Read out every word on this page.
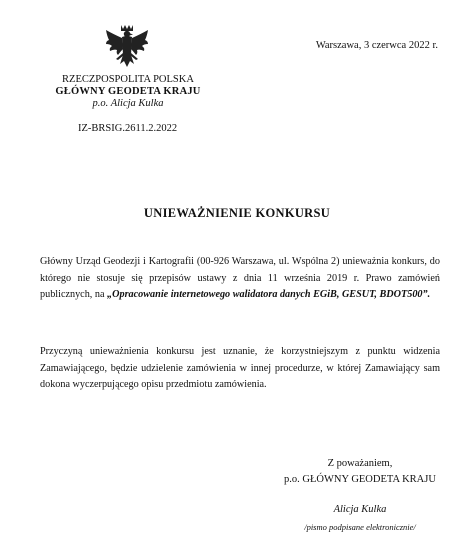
Warszawa, 3 czerwca 2022 r.
RZECZPOSPOLITA POLSKA
GŁÓWNY GEODETA KRAJU
p.o. Alicja Kulka
IZ-BRSIG.2611.2.2022
UNIEWAŻNIENIE KONKURSU
Główny Urząd Geodezji i Kartografii (00-926 Warszawa, ul. Wspólna 2) unieważnia konkurs, do którego nie stosuje się przepisów ustawy z dnia 11 września 2019 r. Prawo zamówień publicznych, na „Opracowanie internetowego walidatora danych EGiB, GESUT, BDOT500”.
Przyczyną unieważnienia konkursu jest uznanie, że korzystniejszym z punktu widzenia Zamawiającego, będzie udzielenie zamówienia w innej procedurze, w której Zamawiający sam dokona wyczerpującego opisu przedmiotu zamówienia.
Z poważaniem,
p.o. GŁÓWNY GEODETA KRAJU
Alicja Kulka
/pismo podpisane elektronicznie/
